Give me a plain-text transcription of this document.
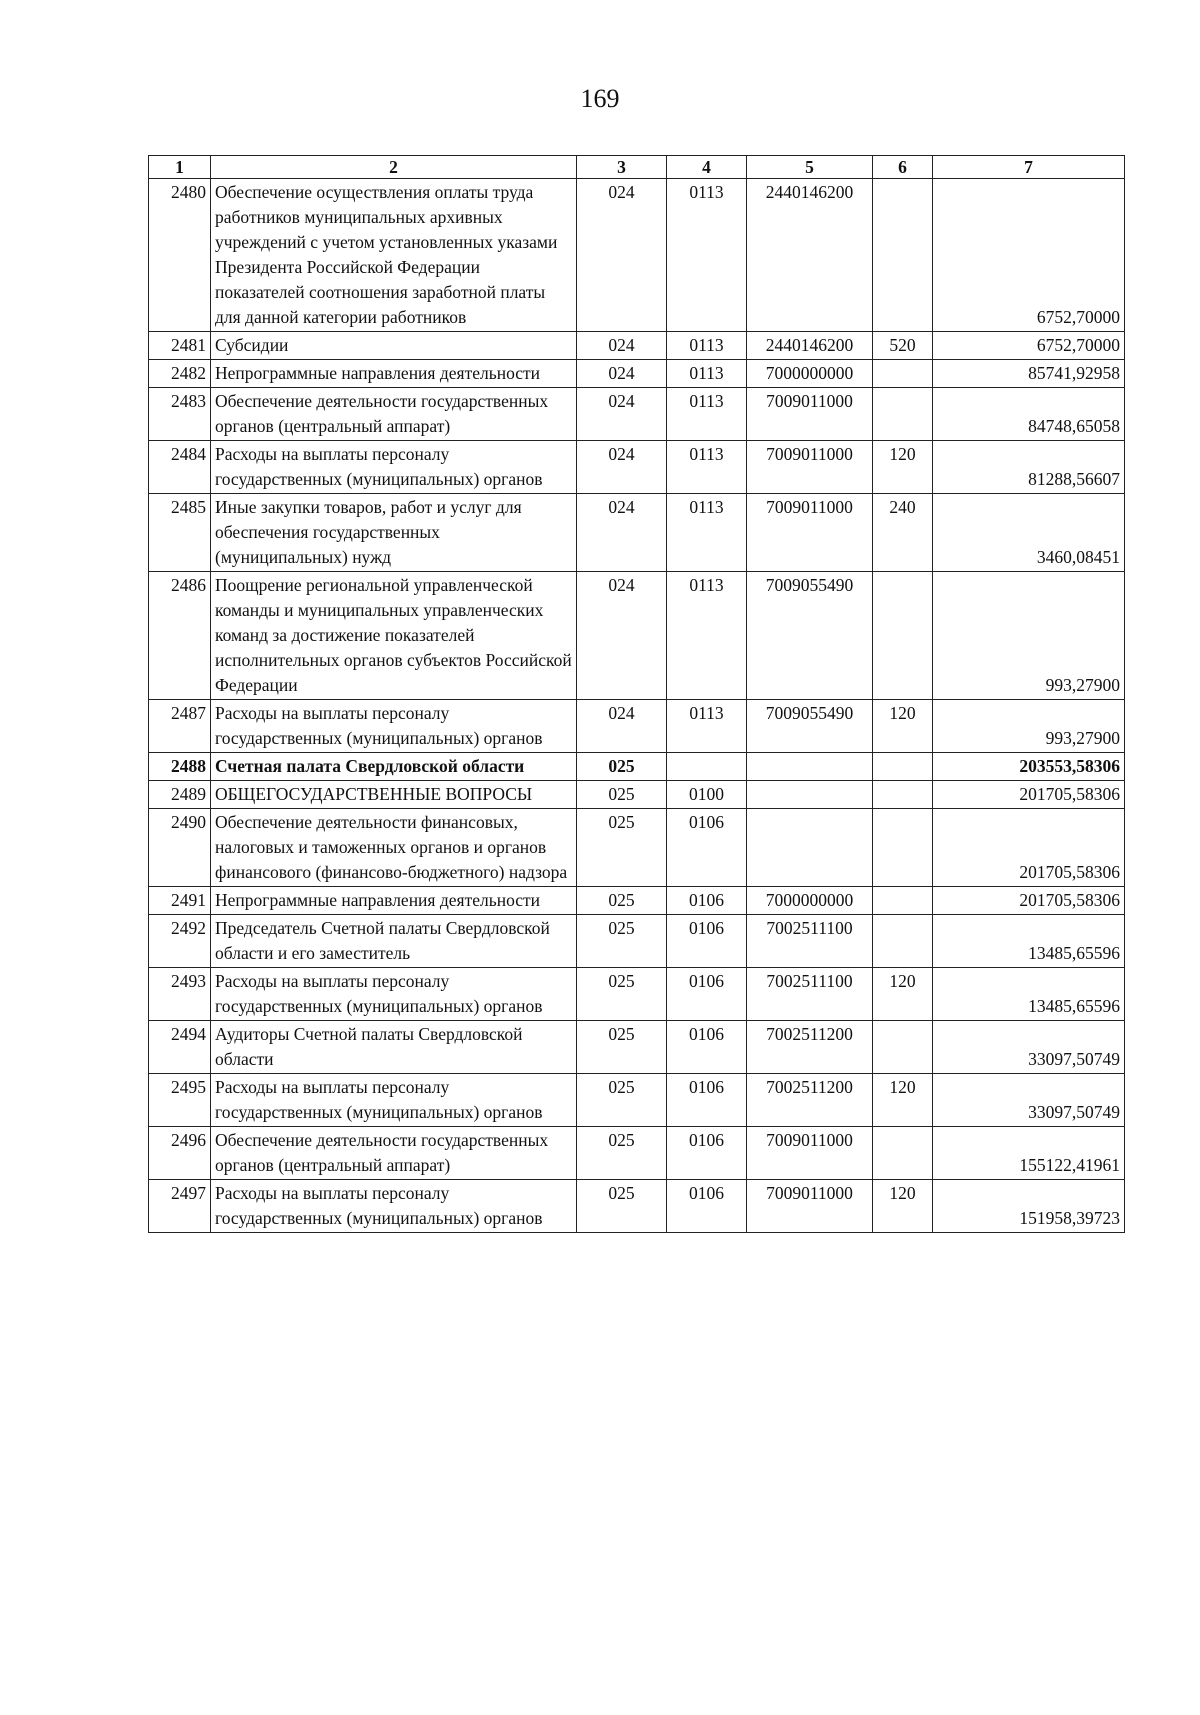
169
1	2	3	4	5	6	7
2480	Обеспечение осуществления оплаты труда работников муниципальных архивных учреждений с учетом установленных указами Президента Российской Федерации показателей соотношения заработной платы для данной категории работников	024	0113	2440146200		6752,70000
2481	Субсидии	024	0113	2440146200	520	6752,70000
2482	Непрограммные направления деятельности	024	0113	7000000000		85741,92958
2483	Обеспечение деятельности государственных органов (центральный аппарат)	024	0113	7009011000		84748,65058
2484	Расходы на выплаты персоналу государственных (муниципальных) органов	024	0113	7009011000	120	81288,56607
2485	Иные закупки товаров, работ и услуг для обеспечения государственных (муниципальных) нужд	024	0113	7009011000	240	3460,08451
2486	Поощрение региональной управленческой команды и муниципальных управленческих команд за достижение показателей исполнительных органов субъектов Российской Федерации	024	0113	7009055490		993,27900
2487	Расходы на выплаты персоналу государственных (муниципальных) органов	024	0113	7009055490	120	993,27900
2488	Счетная палата Свердловской области	025				203553,58306
2489	ОБЩЕГОСУДАРСТВЕННЫЕ ВОПРОСЫ	025	0100			201705,58306
2490	Обеспечение деятельности финансовых, налоговых и таможенных органов и органов финансового (финансово-бюджетного) надзора	025	0106			201705,58306
2491	Непрограммные направления деятельности	025	0106	7000000000		201705,58306
2492	Председатель Счетной палаты Свердловской области и его заместитель	025	0106	7002511100		13485,65596
2493	Расходы на выплаты персоналу государственных (муниципальных) органов	025	0106	7002511100	120	13485,65596
2494	Аудиторы Счетной палаты Свердловской области	025	0106	7002511200		33097,50749
2495	Расходы на выплаты персоналу государственных (муниципальных) органов	025	0106	7002511200	120	33097,50749
2496	Обеспечение деятельности государственных органов (центральный аппарат)	025	0106	7009011000		155122,41961
2497	Расходы на выплаты персоналу государственных (муниципальных) органов	025	0106	7009011000	120	151958,39723
